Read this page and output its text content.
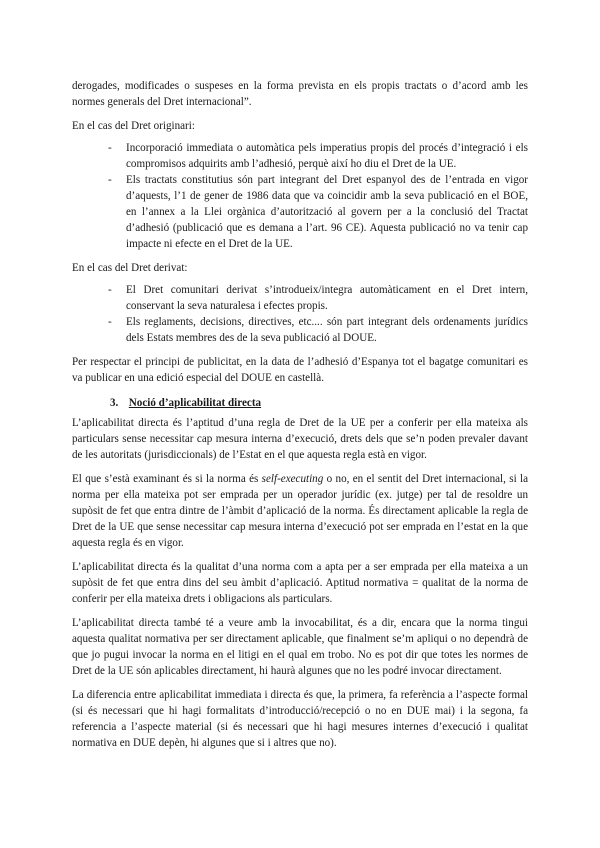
derogades, modificades o suspeses en la forma prevista en els propis tractats o d’acord amb les normes generals del Dret internacional”.

En el cas del Dret originari:

- Incorporació immediata o automàtica pels imperatius propis del procés d’integració i els compromisos adquirits amb l’adhesió, perquè així ho diu el Dret de la UE.
- Els tractats constitutius són part integrant del Dret espanyol des de l’entrada en vigor d’aquests, l’1 de gener de 1986 data que va coincidir amb la seva publicació en el BOE, en l’annex a la Llei orgànica d’autorització al govern per a la conclusió del Tractat d’adhesió (publicació que es demana a l’art. 96 CE). Aquesta publicació no va tenir cap impacte ni efecte en el Dret de la UE.

En el cas del Dret derivat:

- El Dret comunitari derivat s’introdueix/integra automàticament en el Dret intern, conservant la seva naturalesa i efectes propis.
- Els reglaments, decisions, directives, etc.... són part integrant dels ordenaments jurídics dels Estats membres des de la seva publicació al DOUE.

Per respectar el principi de publicitat, en la data de l’adhesió d’Espanya tot el bagatge comunitari es va publicar en una edició especial del DOUE en castellà.

3. Noció d’aplicabilitat directa

L’aplicabilitat directa és l’aptitud d’una regla de Dret de la UE per a conferir per ella mateixa als particulars sense necessitar cap mesura interna d’execució, drets dels que se’n poden prevaler davant de les autoritats (jurisdiccionals) de l’Estat en el que aquesta regla està en vigor.

El que s’està examinant és si la norma és self-executing o no, en el sentit del Dret internacional, si la norma per ella mateixa pot ser emprada per un operador jurídic (ex. jutge) per tal de resoldre un supòsit de fet que entra dintre de l’àmbit d’aplicació de la norma. És directament aplicable la regla de Dret de la UE que sense necessitar cap mesura interna d’execució pot ser emprada en l’estat en la que aquesta regla és en vigor.

L’aplicabilitat directa és la qualitat d’una norma com a apta per a ser emprada per ella mateixa a un supòsit de fet que entra dins del seu àmbit d’aplicació. Aptitud normativa = qualitat de la norma de conferir per ella mateixa drets i obligacions als particulars.

L’aplicabilitat directa també té a veure amb la invocabilitat, és a dir, encara que la norma tingui aquesta qualitat normativa per ser directament aplicable, que finalment se’m apliqui o no dependrà de que jo pugui invocar la norma en el litigi en el qual em trobo. No es pot dir que totes les normes de Dret de la UE són aplicables directament, hi haurà algunes que no les podré invocar directament.

La diferencia entre aplicabilitat immediata i directa és que, la primera, fa referència a l’aspecte formal (si és necessari que hi hagi formalitats d’introducció/recepció o no en DUE mai) i la segona, fa referencia a l’aspecte material (si és necessari que hi hagi mesures internes d’execució i qualitat normativa en DUE depèn, hi algunes que si i altres que no).
